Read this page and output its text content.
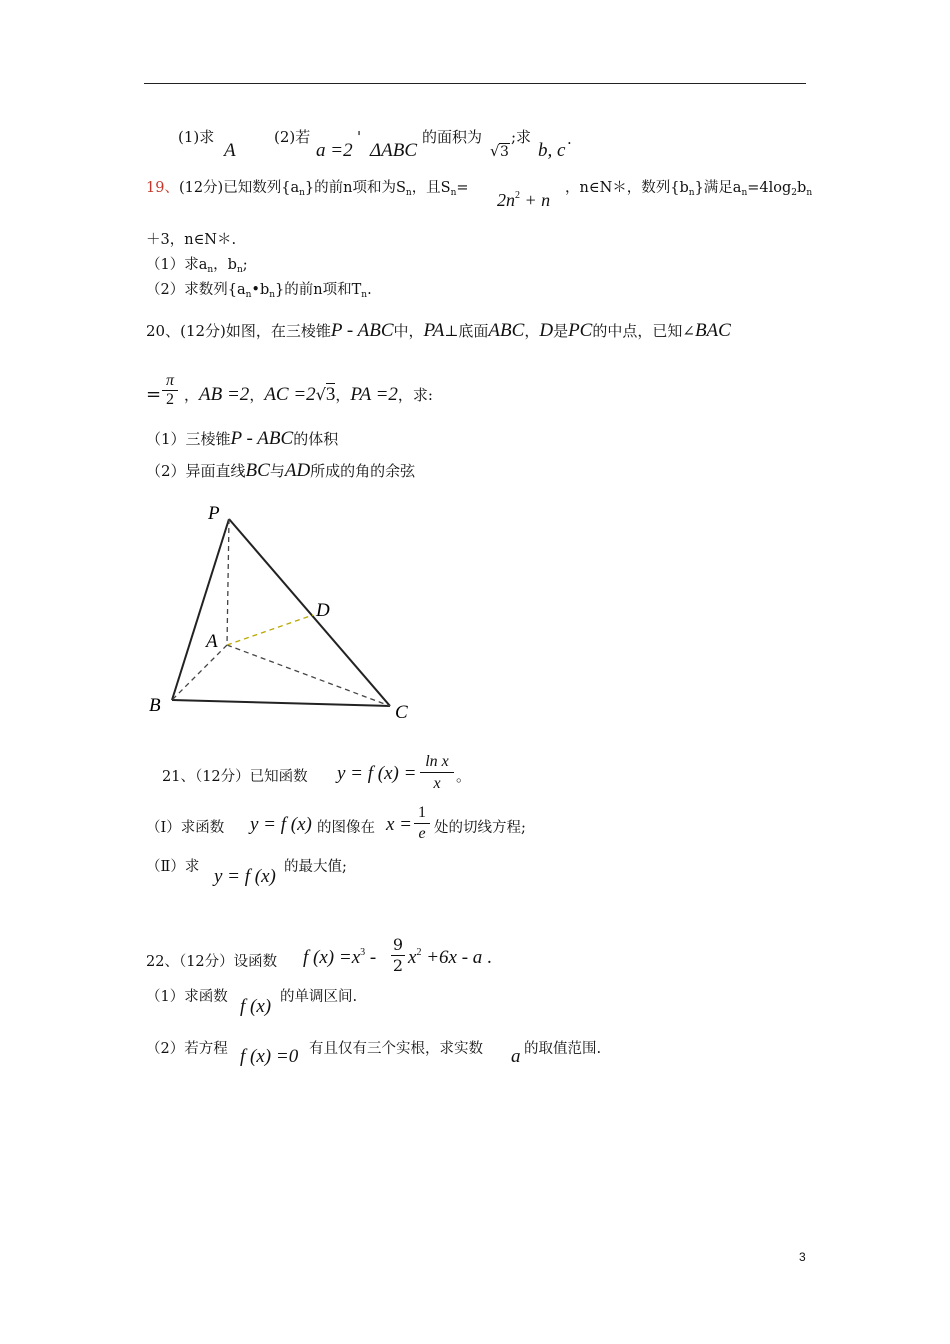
(1)求
A
(2)若
a =2
'
ΔABC
的面积为
√ 3
;求
b, c
.
19、(12分)已知数列$\{a_n\}$的前n项和为$S_n$，且$S_n=$
$2n^2 + n$
，n∈N＊，数列$\{b_n\}$满足$a_n=4\log_2b_n$
＋3，n∈N＊.
（1）求$a_n$，$b_n$;
（2）求数列$\{a_n•b_n\}$的前n项和$T_n$.
20、(12分)如图，在三棱锥P - ABC中，PA⊥底面ABC，D是PC的中点，已知∠BAC
=
π
2 ，AB =2，AC =2√3，PA =2，求:
（1）三棱锥P - ABC的体积
（2）异面直线BC与AD所成的角的余弦
P
D
A
B	C
21、（12分）已知函数 y = f (x) =
ln x
x	。
（Ⅰ）求函数 y = f (x) 的图像在 x =
1
e 处的切线方程;
（Ⅱ）求 y = f (x) 的最大值;
22、（12分）设函数 f $(x) =x^3$ -
9
2 $x^2 +6x - a$ .
（1）求函数 f (x) 的单调区间.
（2）若方程 f (x) =0 有且仅有三个实根，求实数 a 的取值范围.
3
